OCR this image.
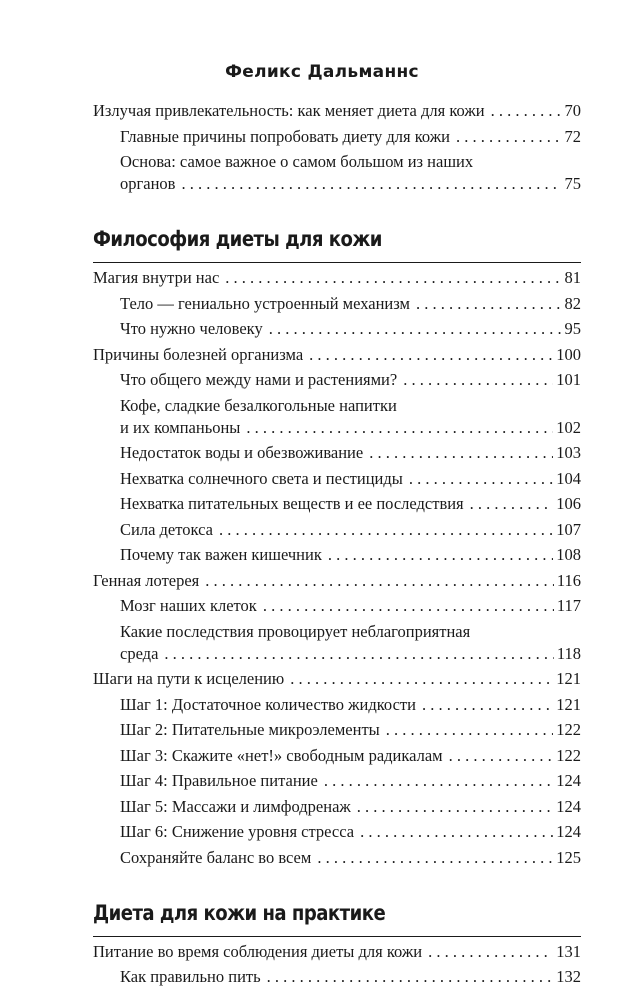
Феликс Дальманнс
Излучая привлекательность: как меняет диета для кожи . . .	70
Главные причины попробовать диету для кожи . . .	72
Основа: самое важное о самом большом из наших
органов . . .	75
Философия диеты для кожи
Магия внутри нас . . .	81
Тело — гениально устроенный механизм . . .	82
Что нужно человеку . . .	95
Причины болезней организма . . .	100
Что общего между нами и растениями? . . .	101
Кофе, сладкие безалкогольные напитки
и их компаньоны . . .	102
Недостаток воды и обезвоживание . . .	103
Нехватка солнечного света и пестициды . . .	104
Нехватка питательных веществ и ее последствия . . .	106
Сила детокса . . .	107
Почему так важен кишечник . . .	108
Генная лотерея . . .	116
Мозг наших клеток . . .	117
Какие последствия провоцирует неблагоприятная
среда . . .	118
Шаги на пути к исцелению . . .	121
Шаг 1: Достаточное количество жидкости . . .	121
Шаг 2: Питательные микроэлементы . . .	122
Шаг 3: Скажите «нет!» свободным радикалам . . .	122
Шаг 4: Правильное питание . . .	124
Шаг 5: Массажи и лимфодренаж . . .	124
Шаг 6: Снижение уровня стресса . . .	124
Сохраняйте баланс во всем . . .	125
Диета для кожи на практике
Питание во время соблюдения диеты для кожи . . .	131
Как правильно пить . . .	132
